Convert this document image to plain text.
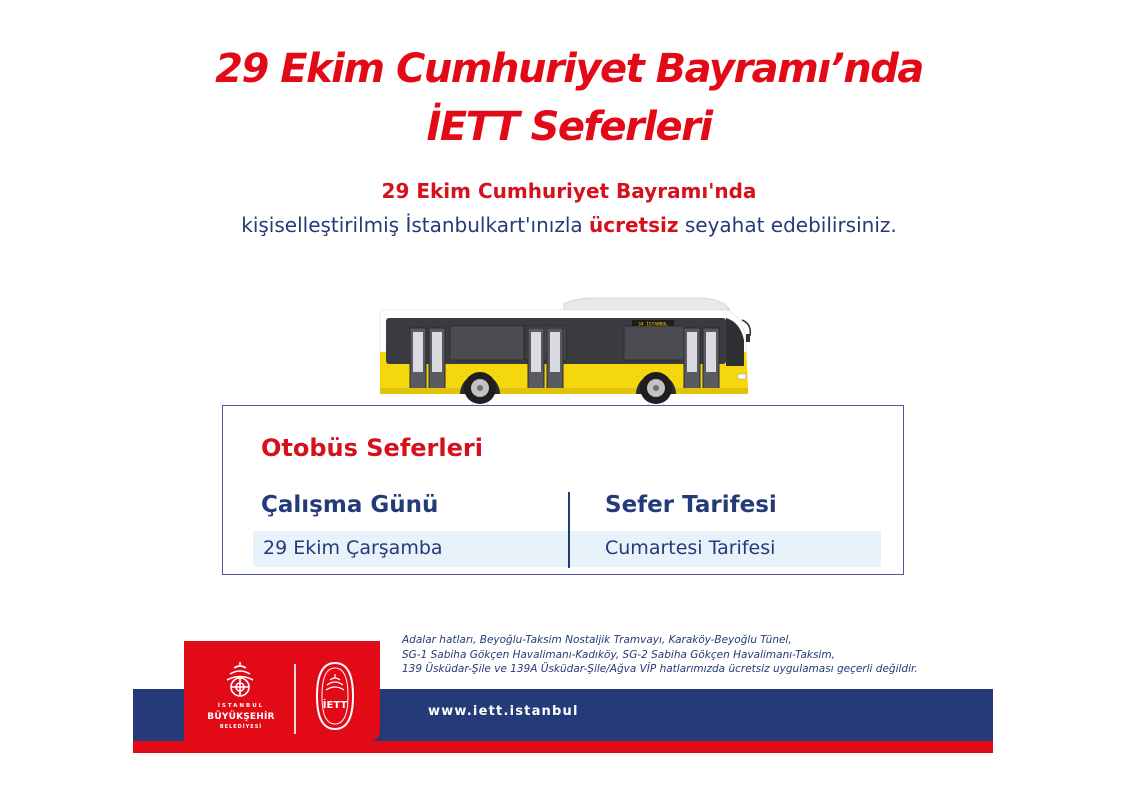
29 Ekim Cumhuriyet Bayramı’nda
İETT Seferleri
29 Ekim Cumhuriyet Bayramı'nda
kişiselleştirilmiş İstanbulkart'ınızla ücretsiz seyahat edebilirsiniz.
34 İSTANBUL
Otobüs Seferleri
Çalışma Günü	Sefer Tarifesi
29 Ekim Çarşamba	Cumartesi Tarifesi
Adalar hatları, Beyoğlu-Taksim Nostaljik Tramvayı, Karaköy-Beyoğlu Tünel,
SG-1 Sabiha Gökçen Havalimanı-Kadıköy, SG-2 Sabiha Gökçen Havalimanı-Taksim,
139 Üsküdar-Şile ve 139A Üsküdar-Şile/Ağva VİP hatlarımızda ücretsiz uygulaması geçerli değildir.
İSTANBUL
BÜYÜKŞEHİR
BELEDİYESİ
İETT	www.iett.istanbul
